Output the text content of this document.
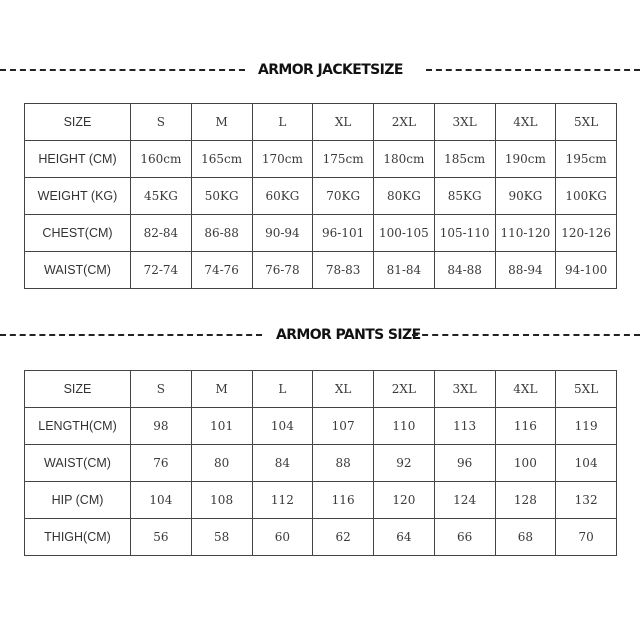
ARMOR JACKETSIZE
SIZE	S	M	L	XL	2XL	3XL	4XL	5XL
HEIGHT (CM)	160cm	165cm	170cm	175cm	180cm	185cm	190cm	195cm
WEIGHT (KG)	45KG	50KG	60KG	70KG	80KG	85KG	90KG	100KG
CHEST(CM)	82-84	86-88	90-94	96-101	100-105	105-110	110-120	120-126
WAIST(CM)	72-74	74-76	76-78	78-83	81-84	84-88	88-94	94-100
ARMOR PANTS SIZE
SIZE	S	M	L	XL	2XL	3XL	4XL	5XL
LENGTH(CM)	98	101	104	107	110	113	116	119
WAIST(CM)	76	80	84	88	92	96	100	104
HIP (CM)	104	108	112	116	120	124	128	132
THIGH(CM)	56	58	60	62	64	66	68	70
